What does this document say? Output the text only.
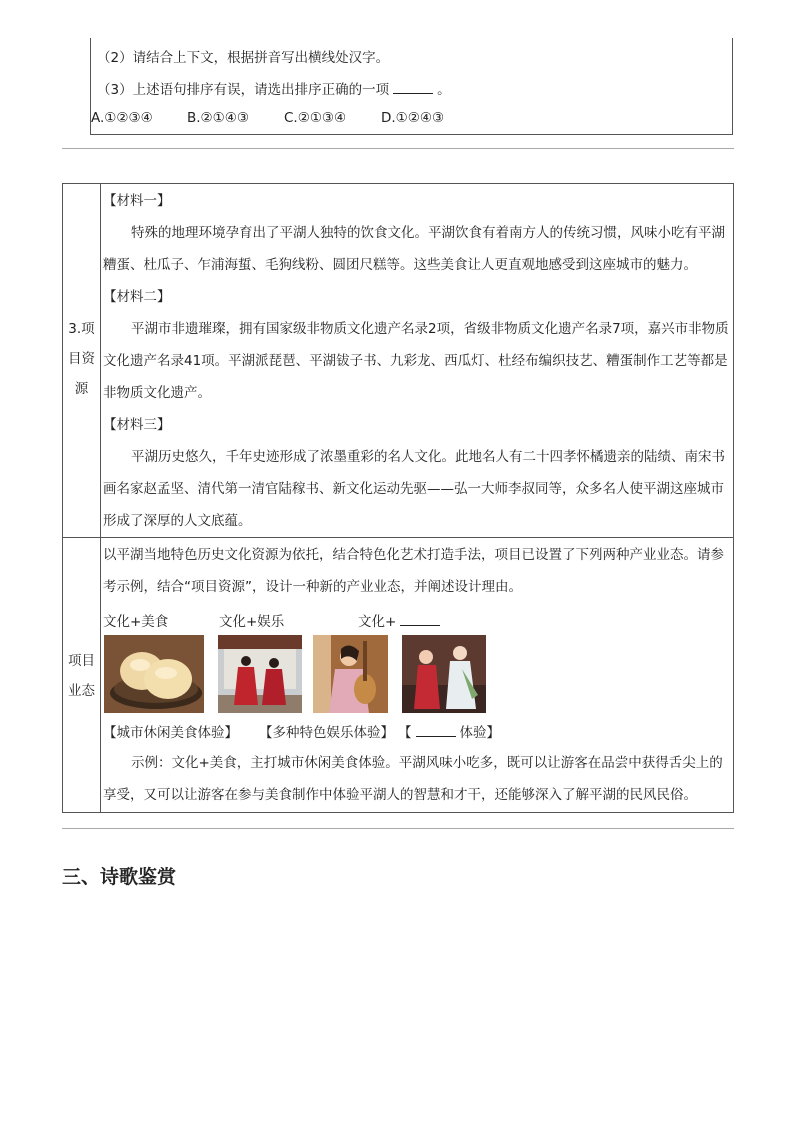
（2）请结合上下文，根据拼音写出横线处汉字。
（3）上述语句排序有误，请选出排序正确的一项	。
A.①②③④	B.②①④③	C.②①③④	D.①②④③
3.项
目资
源
【材料一】
特殊的地理环境孕育出了平湖人独特的饮食文化。平湖饮食有着南方人的传统习惯，风味小吃有平湖糟蛋、杜瓜子、乍浦海蜇、毛狗线粉、圆团尺糕等。这些美食让人更直观地感受到这座城市的魅力。
【材料二】
平湖市非遗璀璨，拥有国家级非物质文化遗产名录2项，省级非物质文化遗产名录7项，嘉兴市非物质文化遗产名录41项。平湖派琵琶、平湖钹子书、九彩龙、西瓜灯、杜经布编织技艺、糟蛋制作工艺等都是非物质文化遗产。
【材料三】
平湖历史悠久，千年史迹形成了浓墨重彩的名人文化。此地名人有二十四孝怀橘遗亲的陆绩、南宋书画名家赵孟坚、清代第一清官陆稼书、新文化运动先驱——弘一大师李叔同等，众多名人使平湖这座城市形成了深厚的人文底蕴。
项目
业态
以平湖当地特色历史文化资源为依托，结合特色化艺术打造手法，项目已设置了下列两种产业业态。请参考示例，结合“项目资源”，设计一种新的产业业态，并阐述设计理由。
文化+美食	文化+娱乐	文化+
【城市休闲美食体验】 【多种特色娱乐体验】 【	体验】
示例：文化+美食，主打城市休闲美食体验。平湖风味小吃多，既可以让游客在品尝中获得舌尖上的享受，又可以让游客在参与美食制作中体验平湖人的智慧和才干，还能够深入了解平湖的民风民俗。
三、诗歌鉴赏
